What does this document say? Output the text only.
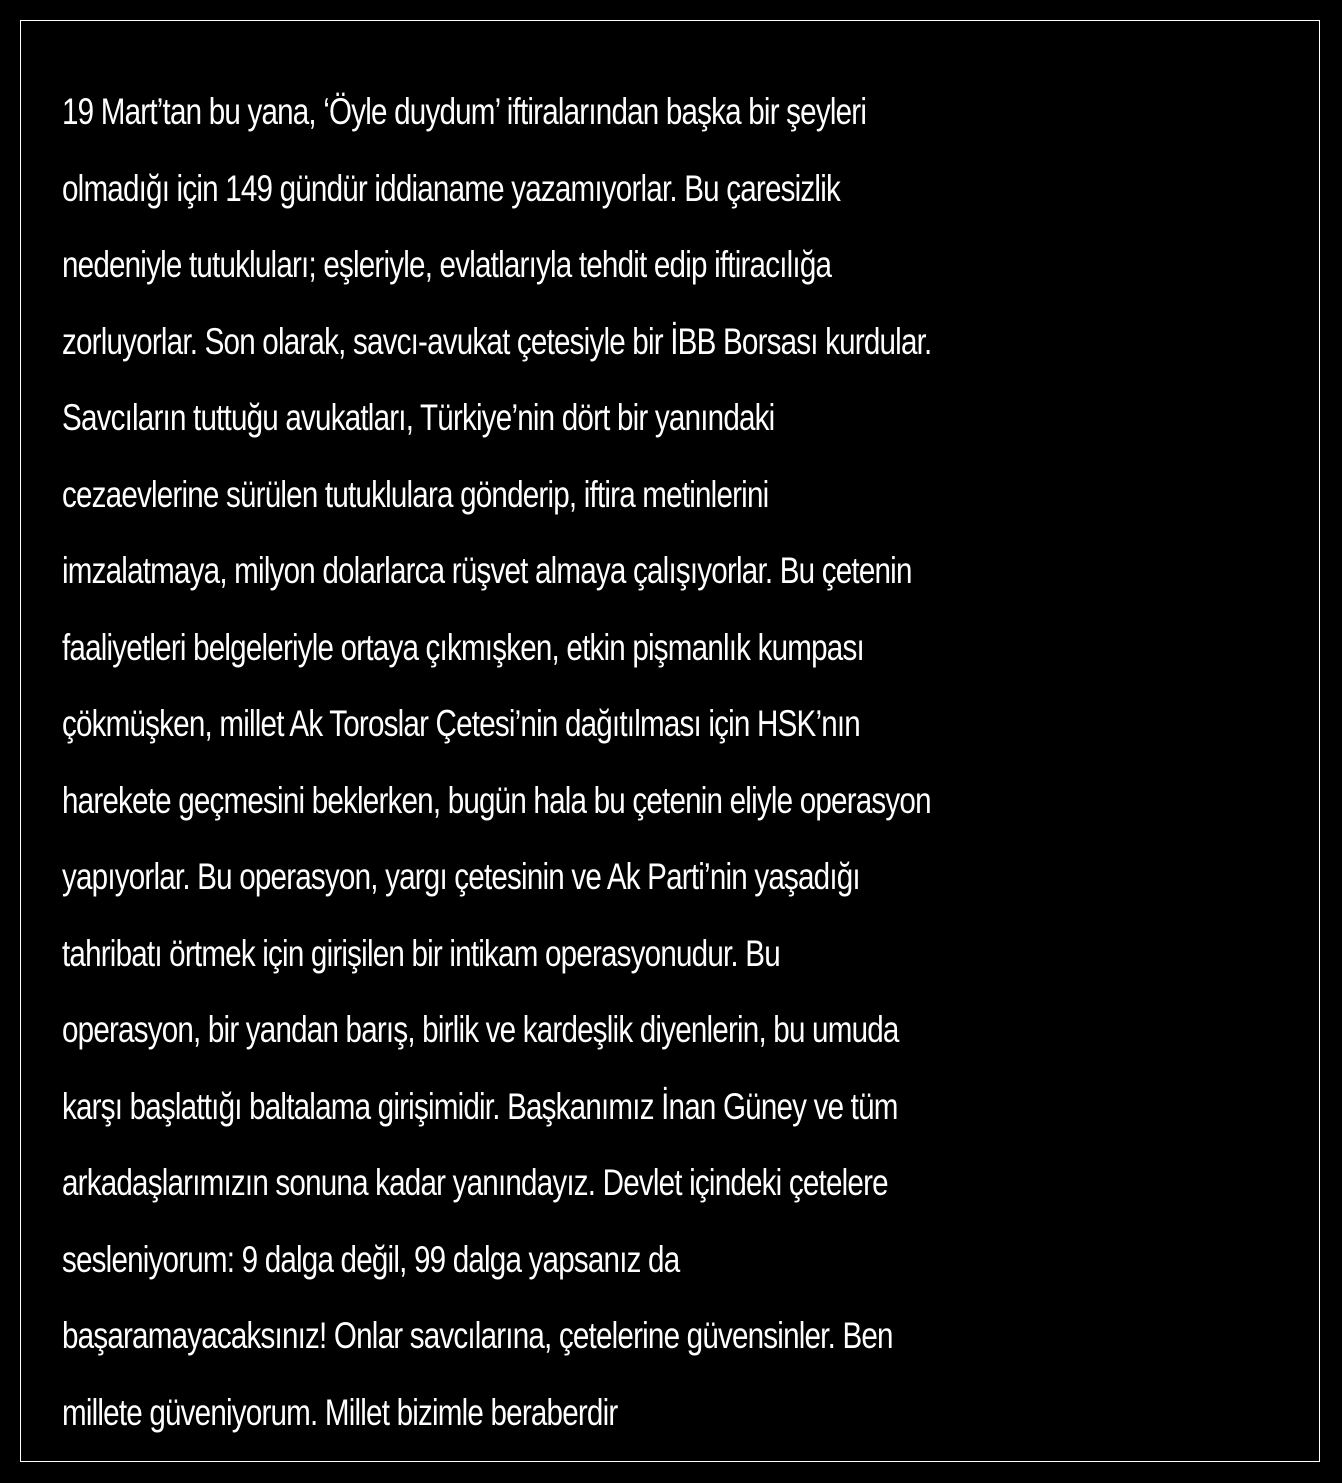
19 Mart’tan bu yana, ‘Öyle duydum’ iftiralarından başka bir şeyleri
olmadığı için 149 gündür iddianame yazamıyorlar. Bu çaresizlik
nedeniyle tutukluları; eşleriyle, evlatlarıyla tehdit edip iftiracılığa
zorluyorlar. Son olarak, savcı-avukat çetesiyle bir İBB Borsası kurdular.
Savcıların tuttuğu avukatları, Türkiye’nin dört bir yanındaki
cezaevlerine sürülen tutuklulara gönderip, iftira metinlerini
imzalatmaya, milyon dolarlarca rüşvet almaya çalışıyorlar. Bu çetenin
faaliyetleri belgeleriyle ortaya çıkmışken, etkin pişmanlık kumpası
çökmüşken, millet Ak Toroslar Çetesi’nin dağıtılması için HSK’nın
harekete geçmesini beklerken, bugün hala bu çetenin eliyle operasyon
yapıyorlar. Bu operasyon, yargı çetesinin ve Ak Parti’nin yaşadığı
tahribatı örtmek için girişilen bir intikam operasyonudur. Bu
operasyon, bir yandan barış, birlik ve kardeşlik diyenlerin, bu umuda
karşı başlattığı baltalama girişimidir. Başkanımız İnan Güney ve tüm
arkadaşlarımızın sonuna kadar yanındayız. Devlet içindeki çetelere
sesleniyorum: 9 dalga değil, 99 dalga yapsanız da
başaramayacaksınız! Onlar savcılarına, çetelerine güvensinler. Ben
millete güveniyorum. Millet bizimle beraberdir
